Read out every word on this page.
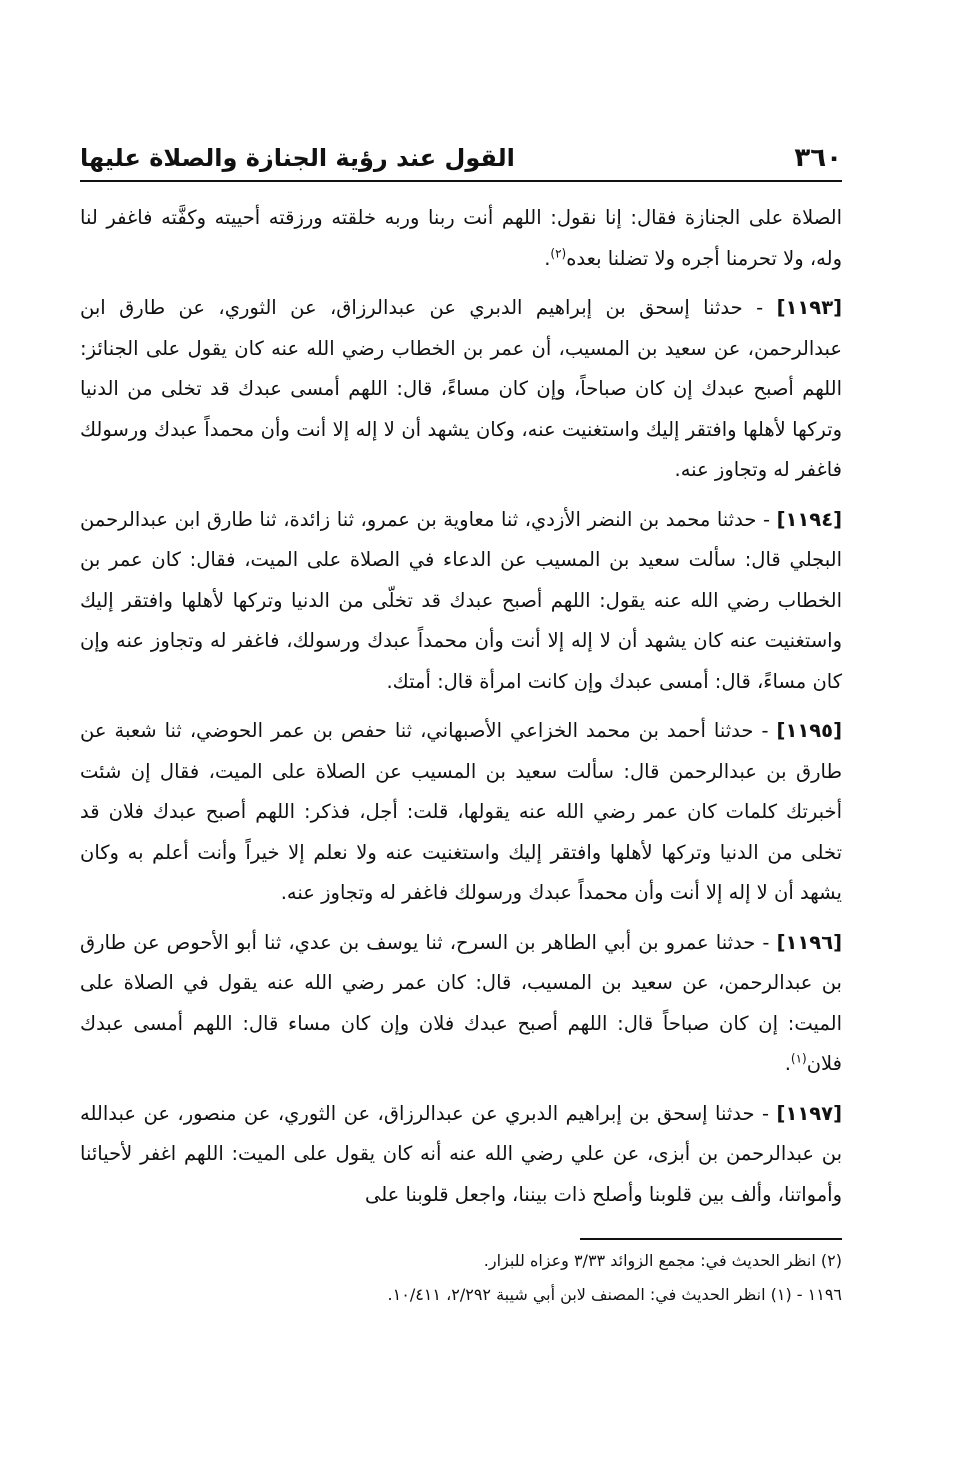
٣٦٠
القول عند رؤية الجنازة والصلاة عليها

الصلاة على الجنازة فقال: إنا نقول: اللهم أنت ربنا وربه خلقته ورزقته أحييته وكفَّته فاغفر لنا وله، ولا تحرمنا أجره ولا تضلنا بعده$^{(٢)}$.

[١١٩٣] - حدثنا إسحق بن إبراهيم الدبري عن عبدالرزاق، عن الثوري، عن طارق ابن عبدالرحمن، عن سعيد بن المسيب، أن عمر بن الخطاب رضي الله عنه كان يقول على الجنائز: اللهم أصبح عبدك إن كان صباحاً، وإن كان مساءً، قال: اللهم أمسى عبدك قد تخلى من الدنيا وتركها لأهلها وافتقر إليك واستغنيت عنه، وكان يشهد أن لا إله إلا أنت وأن محمداً عبدك ورسولك فاغفر له وتجاوز عنه.

[١١٩٤] - حدثنا محمد بن النضر الأزدي، ثنا معاوية بن عمرو، ثنا زائدة، ثنا طارق ابن عبدالرحمن البجلي قال: سألت سعيد بن المسيب عن الدعاء في الصلاة على الميت، فقال: كان عمر بن الخطاب رضي الله عنه يقول: اللهم أصبح عبدك قد تخلّى من الدنيا وتركها لأهلها وافتقر إليك واستغنيت عنه كان يشهد أن لا إله إلا أنت وأن محمداً عبدك ورسولك، فاغفر له وتجاوز عنه وإن كان مساءً، قال: أمسى عبدك وإن كانت امرأة قال: أمتك.

[١١٩٥] - حدثنا أحمد بن محمد الخزاعي الأصبهاني، ثنا حفص بن عمر الحوضي، ثنا شعبة عن طارق بن عبدالرحمن قال: سألت سعيد بن المسيب عن الصلاة على الميت، فقال إن شئت أخبرتك كلمات كان عمر رضي الله عنه يقولها، قلت: أجل، فذكر: اللهم أصبح عبدك فلان قد تخلى من الدنيا وتركها لأهلها وافتقر إليك واستغنيت عنه ولا نعلم إلا خيراً وأنت أعلم به وكان يشهد أن لا إله إلا أنت وأن محمداً عبدك ورسولك فاغفر له وتجاوز عنه.

[١١٩٦] - حدثنا عمرو بن أبي الطاهر بن السرح، ثنا يوسف بن عدي، ثنا أبو الأحوص عن طارق بن عبدالرحمن، عن سعيد بن المسيب، قال: كان عمر رضي الله عنه يقول في الصلاة على الميت: إن كان صباحاً قال: اللهم أصبح عبدك فلان وإن كان مساء قال: اللهم أمسى عبدك فلان$^{(١)}$.

[١١٩٧] - حدثنا إسحق بن إبراهيم الدبري عن عبدالرزاق، عن الثوري، عن منصور، عن عبدالله بن عبدالرحمن بن أبزى، عن علي رضي الله عنه أنه كان يقول على الميت: اللهم اغفر لأحيائنا وأمواتنا، وألف بين قلوبنا وأصلح ذات بيننا، واجعل قلوبنا على

(٢) انظر الحديث في: مجمع الزوائد ٣/٣٣ وعزاه للبزار.
١١٩٦ - (١) انظر الحديث في: المصنف لابن أبي شيبة ٢/٢٩٢، ١٠/٤١١.
